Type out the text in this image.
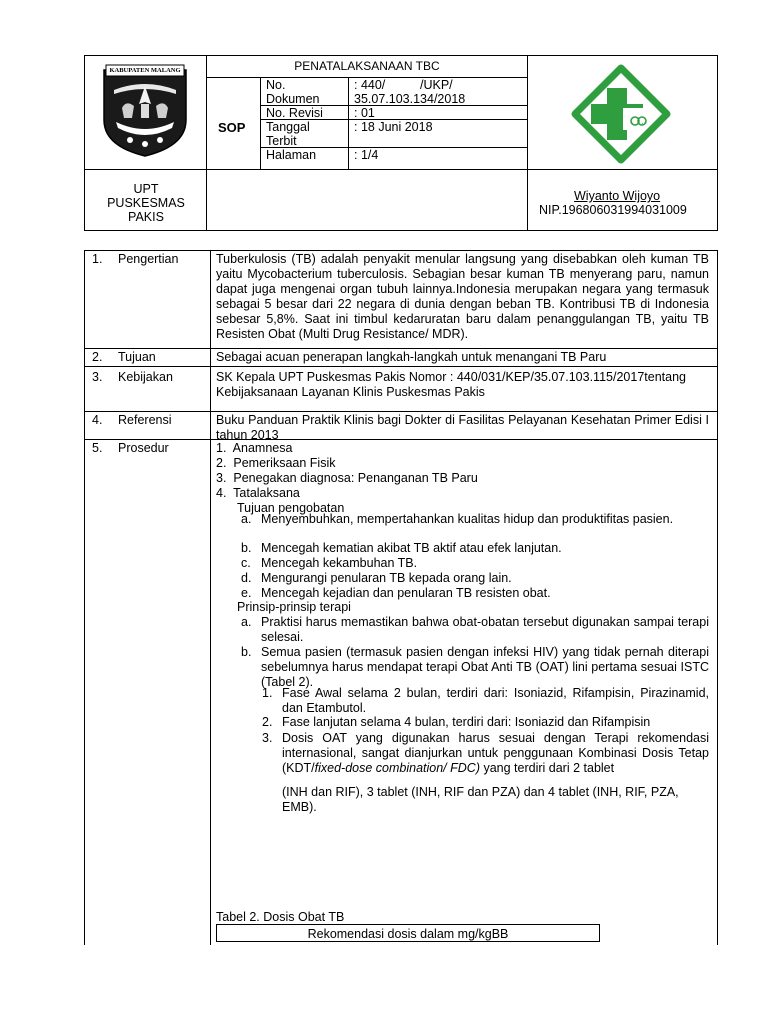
KABUPATEN MALANG	PENATALAKSANAAN TBC
SOP
No. Dokumen
: 440/          /UKP/ 35.07.103.134/2018
No. Revisi : 01
Tanggal Terbit
: 18 Juni 2018
Halaman	: 1/4
UPT PUSKESMAS PAKIS
Wiyanto Wijoyo
NIP.196806031994031009
1. Pengertian
2. Tujuan
3. Kebijakan
4. Referensi
5. Prosedur
Tuberkulosis (TB) adalah penyakit menular langsung yang disebabkan oleh kuman TB yaitu Mycobacterium tuberculosis. Sebagian besar kuman TB menyerang paru, namun dapat juga mengenai organ tubuh lainnya.Indonesia merupakan negara yang termasuk sebagai 5 besar dari 22 negara di dunia dengan beban TB. Kontribusi TB di Indonesia sebesar 5,8%. Saat ini timbul kedaruratan baru dalam penanggulangan TB, yaitu TB Resisten Obat (Multi Drug Resistance/ MDR).
Sebagai acuan penerapan langkah-langkah untuk menangani TB Paru
SK Kepala UPT Puskesmas Pakis Nomor : 440/031/KEP/35.07.103.115/2017tentang Kebijaksanaan Layanan Klinis Puskesmas Pakis
Buku Panduan Praktik Klinis bagi Dokter di Fasilitas Pelayanan Kesehatan Primer Edisi I tahun 2013
1.  Anamnesa
2.  Pemeriksaan Fisik
3.  Penegakan diagnosa: Penanganan TB Paru
4.  Tatalaksana
Tujuan pengobatan
a. Menyembuhkan, mempertahankan kualitas hidup dan produktifitas pasien.
b. Mencegah kematian akibat TB aktif atau efek lanjutan.
c. Mencegah kekambuhan TB.
d. Mengurangi penularan TB kepada orang lain.
e. Mencegah kejadian dan penularan TB resisten obat.
Prinsip-prinsip terapi
a. Praktisi harus memastikan bahwa obat-obatan tersebut digunakan sampai terapi selesai.
b. Semua pasien (termasuk pasien dengan infeksi HIV) yang tidak pernah diterapi sebelumnya harus mendapat terapi Obat Anti TB (OAT) lini pertama sesuai ISTC (Tabel 2).
1. Fase Awal selama 2 bulan, terdiri dari: Isoniazid, Rifampisin, Pirazinamid, dan Etambutol.
2. Fase lanjutan selama 4 bulan, terdiri dari: Isoniazid dan Rifampisin
3. Dosis OAT yang digunakan harus sesuai dengan Terapi rekomendasi internasional, sangat dianjurkan untuk penggunaan Kombinasi Dosis Tetap (KDT/fixed-dose combination/ FDC) yang terdiri dari 2 tablet
(INH dan RIF), 3 tablet (INH, RIF dan PZA) dan 4 tablet (INH, RIF, PZA, EMB).
Tabel 2. Dosis Obat TB
Rekomendasi dosis dalam mg/kgBB
